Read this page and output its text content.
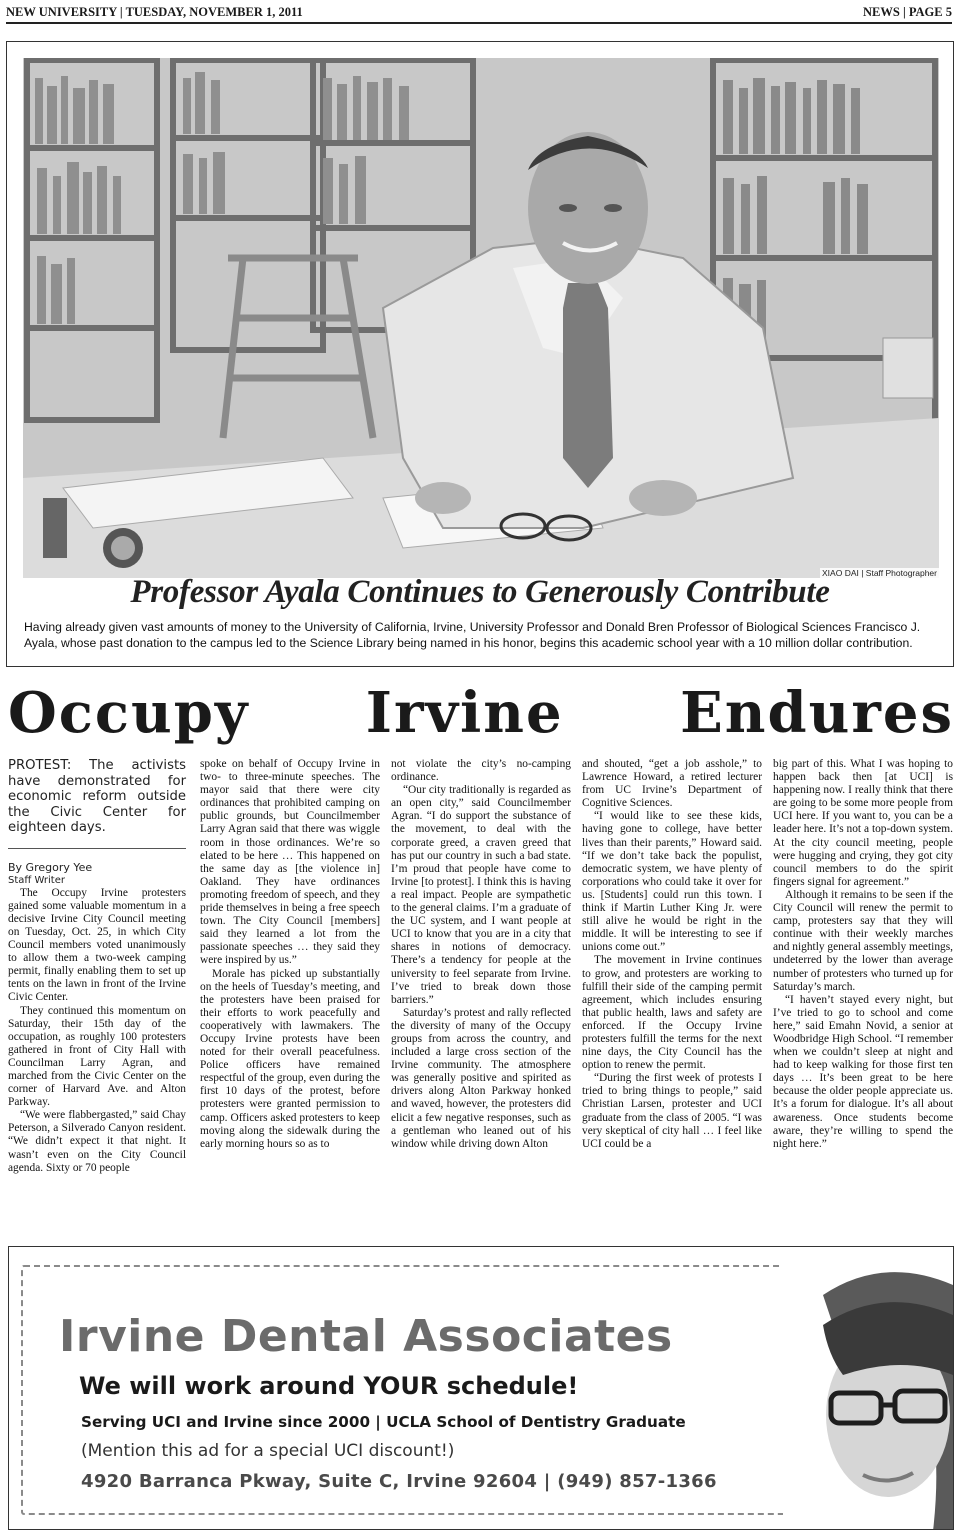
NEW UNIVERSITY | TUESDAY, NOVEMBER 1, 2011	NEWS | PAGE 5
XIAO DAI | Staff Photographer
Professor Ayala Continues to Generously Contribute
Having already given vast amounts of money to the University of California, Irvine, University Professor and Donald Bren Professor of Biological Sciences Francisco J. Ayala, whose past donation to the campus led to the Science Library being named in his honor, begins this academic school year with a 10 million dollar contribution.
Occupy Irvine Endures
PROTEST: The activists have demonstrated for economic reform outside the Civic Center for eighteen days.

By Gregory Yee

Staff Writer

The Occupy Irvine protesters gained some valuable momentum in a decisive Irvine City Council meeting on Tuesday, Oct. 25, in which City Council members voted unanimously to allow them a two-week camping permit, finally enabling them to set up tents on the lawn in front of the Irvine Civic Center.

They continued this momentum on Saturday, their 15th day of the occupation, as roughly 100 protesters gathered in front of City Hall with Councilman Larry Agran, and marched from the Civic Center on the corner of Harvard Ave. and Alton Parkway.

“We were flabbergasted,” said Chay Peterson, a Silverado Canyon resident. “We didn’t expect it that night. It wasn’t even on the City Council agenda. Sixty or 70 people

spoke on behalf of Occupy Irvine in two- to three-minute speeches. The mayor said that there were city ordinances that prohibited camping on public grounds, but Councilmember Larry Agran said that there was wiggle room in those ordinances. We’re so elated to be here … This happened on the same day as [the violence in] Oakland. They have ordinances promoting freedom of speech, and they pride themselves in being a free speech town. The City Council [members] said they learned a lot from the passionate speeches … they said they were inspired by us.”

Morale has picked up substantially on the heels of Tuesday’s meeting, and the protesters have been praised for their efforts to work peacefully and cooperatively with lawmakers. The Occupy Irvine protests have been noted for their overall peacefulness. Police officers have remained respectful of the group, even during the first 10 days of the protest, before protesters were granted permission to camp. Officers asked protesters to keep moving along the sidewalk during the early morning hours so as to

not violate the city’s no-camping ordinance.

“Our city traditionally is regarded as an open city,” said Councilmember Agran. “I do support the substance of the movement, to deal with the corporate greed, a craven greed that has put our country in such a bad state. I’m proud that people have come to Irvine [to protest]. I think this is having a real impact. People are sympathetic to the general claims. I’m a graduate of the UC system, and I want people at UCI to know that you are in a city that shares in notions of democracy. There’s a tendency for people at the university to feel separate from Irvine. I’ve tried to break down those barriers.”

Saturday’s protest and rally reflected the diversity of many of the Occupy groups from across the country, and included a large cross section of the Irvine community. The atmosphere was generally positive and spirited as drivers along Alton Parkway honked and waved, however, the protesters did elicit a few negative responses, such as a gentleman who leaned out of his window while driving down Alton

and shouted, “get a job asshole,” to Lawrence Howard, a retired lecturer from UC Irvine’s Department of Cognitive Sciences.

“I would like to see these kids, having gone to college, have better lives than their parents,” Howard said. “If we don’t take back the populist, democratic system, we have plenty of corporations who could take it over for us. [Students] could run this town. I think if Martin Luther King Jr. were still alive he would be right in the middle. It will be interesting to see if unions come out.”

The movement in Irvine continues to grow, and protesters are working to fulfill their side of the camping permit agreement, which includes ensuring that public health, laws and safety are enforced. If the Occupy Irvine protesters fulfill the terms for the next nine days, the City Council has the option to renew the permit.

“During the first week of protests I tried to bring things to people,” said Christian Larsen, protester and UCI graduate from the class of 2005. “I was very skeptical of city hall … I feel like UCI could be a

big part of this. What I was hoping to happen back then [at UCI] is happening now. I really think that there are going to be some more people from UCI here. If you want to, you can be a leader here. It’s not a top-down system. At the city council meeting, people were hugging and crying, they got city council members to do the spirit fingers signal for agreement.”

Although it remains to be seen if the City Council will renew the permit to camp, protesters say that they will continue with their weekly marches and nightly general assembly meetings, undeterred by the lower than average number of protesters who turned up for Saturday’s march.

“I haven’t stayed every night, but I’ve tried to go to school and come here,” said Emahn Novid, a senior at Woodbridge High School. “I remember when we couldn’t sleep at night and had to keep walking for those first ten days … It’s been great to be here because the older people appreciate us. It’s a forum for dialogue. It’s all about awareness. Once students become aware, they’re willing to spend the night here.”

Irvine Dental Associates
We will work around YOUR schedule!
Serving UCI and Irvine since 2000 | UCLA School of Dentistry Graduate
(Mention this ad for a special UCI discount!)
4920 Barranca Pkway, Suite C, Irvine 92604 | (949) 857-1366
